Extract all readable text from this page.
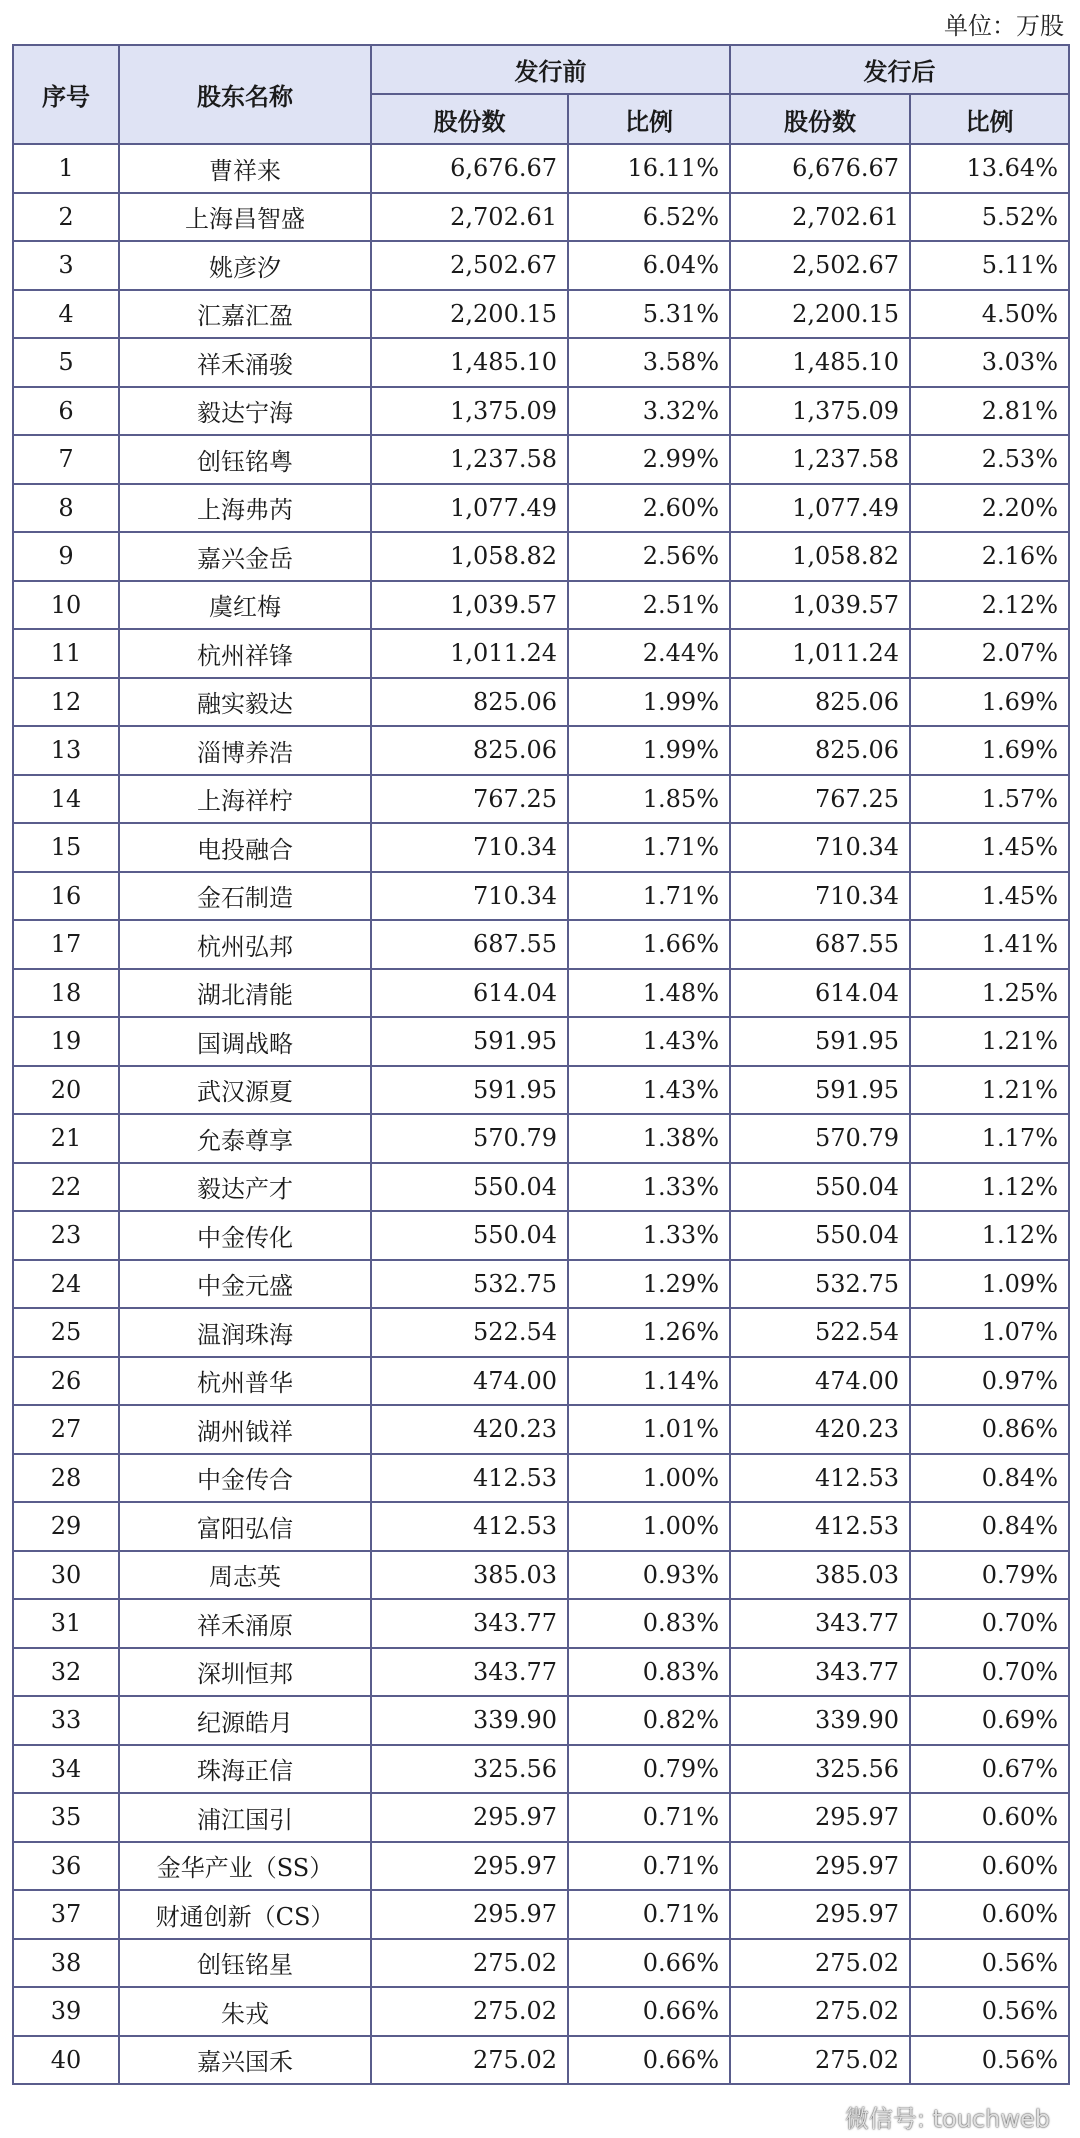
单位：万股
序号	股东名称	发行前		发行后	
		股份数	比例	股份数	比例
1	曹祥来	6,676.67	16.11%	6,676.67	13.64%
2	上海昌智盛	2,702.61	6.52%	2,702.61	5.52%
3	姚彦汐	2,502.67	6.04%	2,502.67	5.11%
4	汇嘉汇盈	2,200.15	5.31%	2,200.15	4.50%
5	祥禾涌骏	1,485.10	3.58%	1,485.10	3.03%
6	毅达宁海	1,375.09	3.32%	1,375.09	2.81%
7	创钰铭粤	1,237.58	2.99%	1,237.58	2.53%
8	上海弗芮	1,077.49	2.60%	1,077.49	2.20%
9	嘉兴金岳	1,058.82	2.56%	1,058.82	2.16%
10	虞红梅	1,039.57	2.51%	1,039.57	2.12%
11	杭州祥锋	1,011.24	2.44%	1,011.24	2.07%
12	融实毅达	825.06	1.99%	825.06	1.69%
13	淄博养浩	825.06	1.99%	825.06	1.69%
14	上海祥柠	767.25	1.85%	767.25	1.57%
15	电投融合	710.34	1.71%	710.34	1.45%
16	金石制造	710.34	1.71%	710.34	1.45%
17	杭州弘邦	687.55	1.66%	687.55	1.41%
18	湖北清能	614.04	1.48%	614.04	1.25%
19	国调战略	591.95	1.43%	591.95	1.21%
20	武汉源夏	591.95	1.43%	591.95	1.21%
21	允泰尊享	570.79	1.38%	570.79	1.17%
22	毅达产才	550.04	1.33%	550.04	1.12%
23	中金传化	550.04	1.33%	550.04	1.12%
24	中金元盛	532.75	1.29%	532.75	1.09%
25	温润珠海	522.54	1.26%	522.54	1.07%
26	杭州普华	474.00	1.14%	474.00	0.97%
27	湖州钺祥	420.23	1.01%	420.23	0.86%
28	中金传合	412.53	1.00%	412.53	0.84%
29	富阳弘信	412.53	1.00%	412.53	0.84%
30	周志英	385.03	0.93%	385.03	0.79%
31	祥禾涌原	343.77	0.83%	343.77	0.70%
32	深圳恒邦	343.77	0.83%	343.77	0.70%
33	纪源皓月	339.90	0.82%	339.90	0.69%
34	珠海正信	325.56	0.79%	325.56	0.67%
35	浦江国引	295.97	0.71%	295.97	0.60%
36	金华产业（SS）	295.97	0.71%	295.97	0.60%
37	财通创新（CS）	295.97	0.71%	295.97	0.60%
38	创钰铭星	275.02	0.66%	275.02	0.56%
39	朱戎	275.02	0.66%	275.02	0.56%
40	嘉兴国禾	275.02	0.66%	275.02	0.56%
微信号: touchweb
